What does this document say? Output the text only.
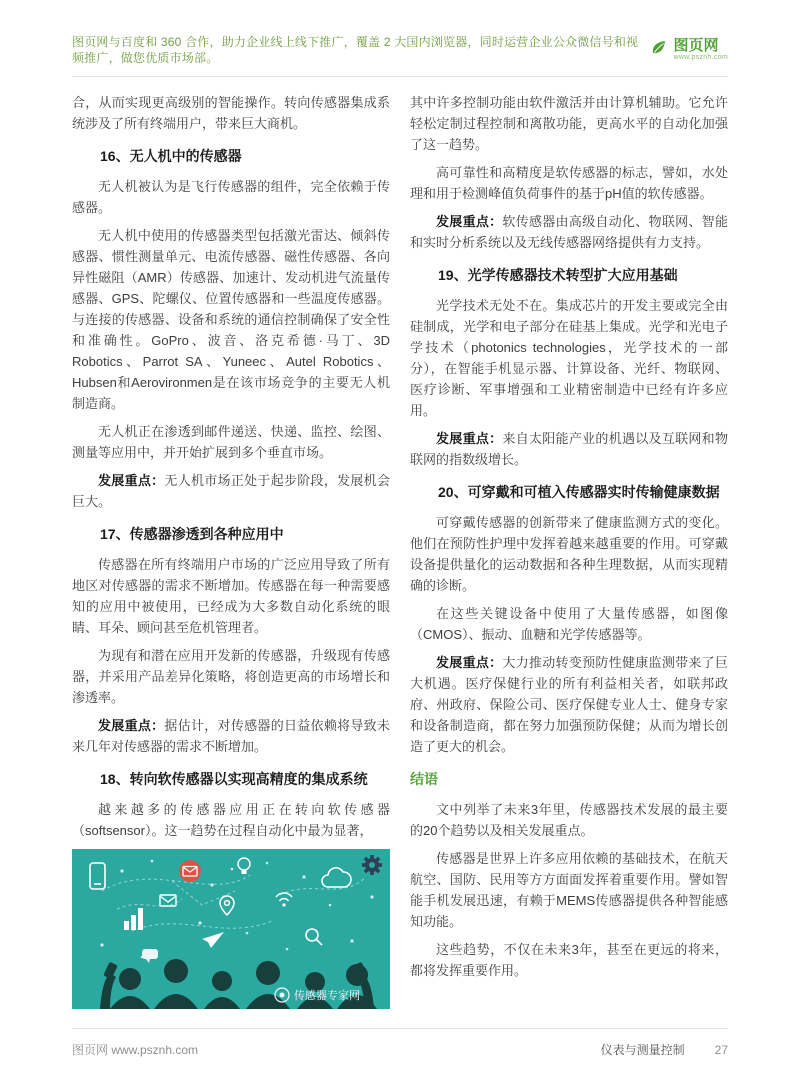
图页网与百度和 360 合作，助力企业线上线下推广，覆盖 2 大国内浏览器，同时运营企业公众微信号和视频推广，做您优质市场部。
图页网
www.psznh.com

合，从而实现更高级别的智能操作。转向传感器集成系统涉及了所有终端用户，带来巨大商机。

16、无人机中的传感器

无人机被认为是飞行传感器的组件，完全依赖于传感器。

无人机中使用的传感器类型包括激光雷达、倾斜传感器、惯性测量单元、电流传感器、磁性传感器、各向异性磁阻（AMR）传感器、加速计、发动机进气流量传感器、GPS、陀螺仪、位置传感器和一些温度传感器。与连接的传感器、设备和系统的通信控制确保了安全性和准确性。GoPro、波音、洛克希德·马丁、3D Robotics、Parrot SA、Yuneec、Autel Robotics、Hubsen和Aerovironmen是在该市场竞争的主要无人机制造商。

无人机正在渗透到邮件递送、快递、监控、绘图、测量等应用中，并开始扩展到多个垂直市场。

发展重点：无人机市场正处于起步阶段，发展机会巨大。

17、传感器渗透到各种应用中

传感器在所有终端用户市场的广泛应用导致了所有地区对传感器的需求不断增加。传感器在每一种需要感知的应用中被使用，已经成为大多数自动化系统的眼睛、耳朵、顾问甚至危机管理者。

为现有和潜在应用开发新的传感器，升级现有传感器，并采用产品差异化策略，将创造更高的市场增长和渗透率。

发展重点：据估计，对传感器的日益依赖将导致未来几年对传感器的需求不断增加。

18、转向软传感器以实现高精度的集成系统

越来越多的传感器应用正在转向软传感器（softsensor）。这一趋势在过程自动化中最为显著，

传感器专家网

其中许多控制功能由软件激活并由计算机辅助。它允许轻松定制过程控制和离散功能，更高水平的自动化加强了这一趋势。

高可靠性和高精度是软传感器的标志，譬如，水处理和用于检测峰值负荷事件的基于pH值的软传感器。

发展重点：软传感器由高级自动化、物联网、智能和实时分析系统以及无线传感器网络提供有力支持。

19、光学传感器技术转型扩大应用基础

光学技术无处不在。集成芯片的开发主要或完全由硅制成，光学和电子部分在硅基上集成。光学和光电子学技术（photonics technologies，光学技术的一部分），在智能手机显示器、计算设备、光纤、物联网、医疗诊断、军事增强和工业精密制造中已经有许多应用。

发展重点：来自太阳能产业的机遇以及互联网和物联网的指数级增长。

20、可穿戴和可植入传感器实时传输健康数据

可穿戴传感器的创新带来了健康监测方式的变化。他们在预防性护理中发挥着越来越重要的作用。可穿戴设备提供量化的运动数据和各种生理数据，从而实现精确的诊断。

在这些关键设备中使用了大量传感器，如图像（CMOS）、振动、血糖和光学传感器等。

发展重点：大力推动转变预防性健康监测带来了巨大机遇。医疗保健行业的所有利益相关者，如联邦政府、州政府、保险公司、医疗保健专业人士、健身专家和设备制造商，都在努力加强预防保健；从而为增长创造了更大的机会。

结语

文中列举了未来3年里，传感器技术发展的最主要的20个趋势以及相关发展重点。

传感器是世界上许多应用依赖的基础技术，在航天航空、国防、民用等方方面面发挥着重要作用。譬如智能手机发展迅速，有赖于MEMS传感器提供各种智能感知功能。

这些趋势，不仅在未来3年，甚至在更远的将来，都将发挥重要作用。

图页网 www.psznh.com	仪表与测量控制	27
